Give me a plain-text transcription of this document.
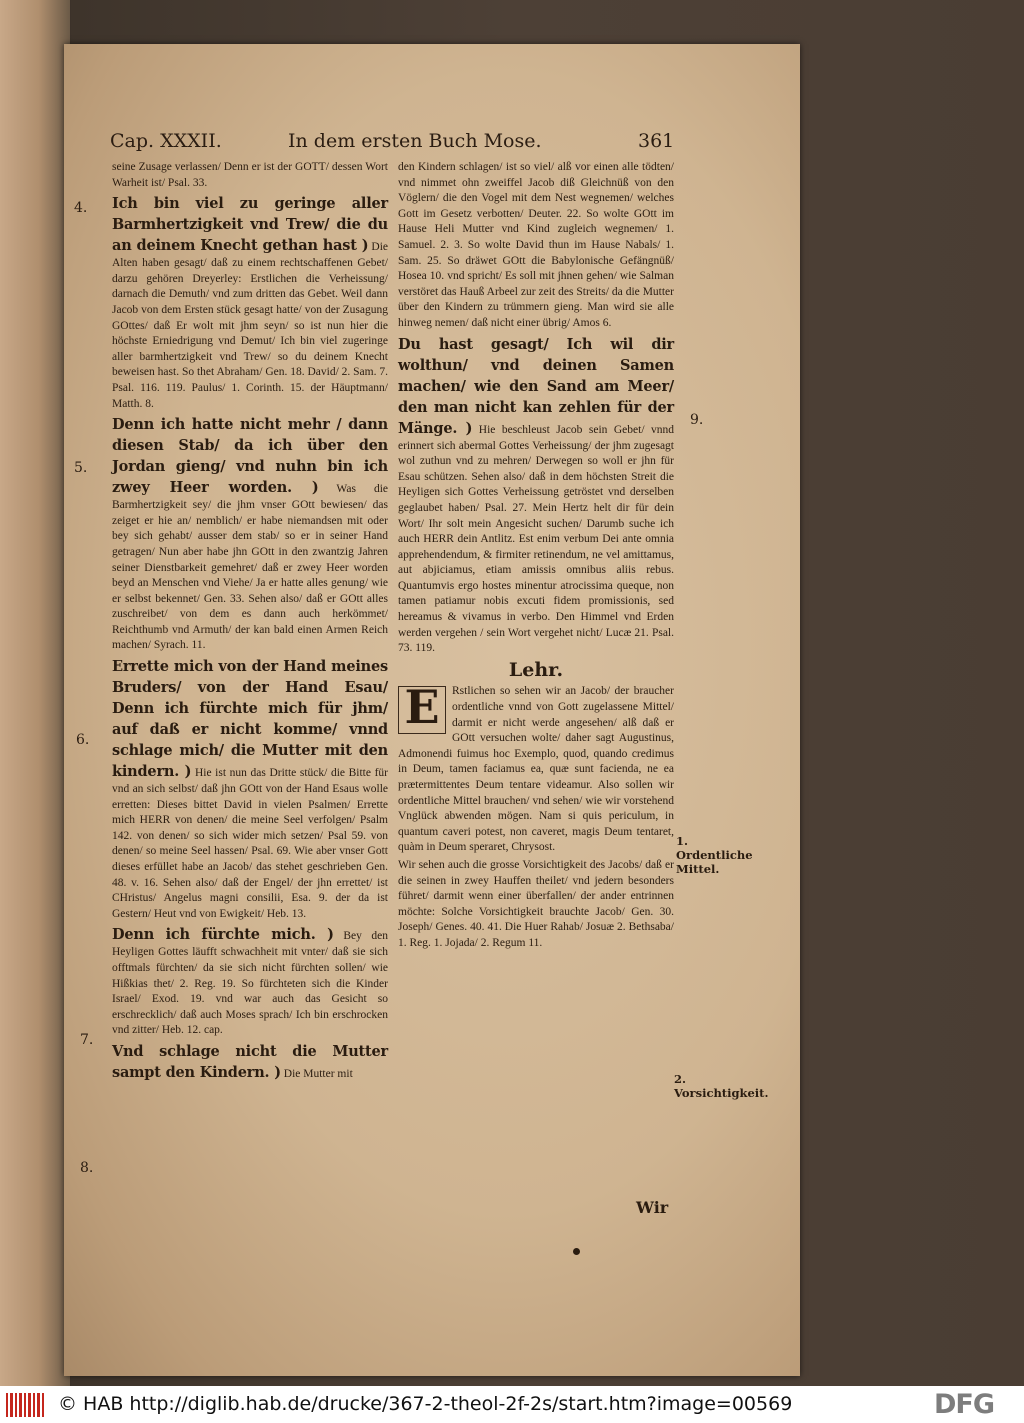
Cap. XXXII.	In dem ersten Buch Mose.	361

seine Zusage verlassen/ Denn er ist der GOTT/ dessen Wort Warheit ist/ Psal. 33.

Ich bin viel zu geringe aller Barmhertzigkeit vnd Trew/ die du an deinem Knecht gethan hast ) Die Alten haben gesagt/ daß zu einem rechtschaffenen Gebet/ darzu gehören Dreyerley: Erstlichen die Verheissung/ darnach die Demuth/ vnd zum dritten das Gebet. Weil dann Jacob von dem Ersten stück gesagt hatte/ von der Zusagung GOttes/ daß Er wolt mit jhm seyn/ so ist nun hier die höchste Erniedrigung vnd Demut/ Ich bin viel zugeringe aller barmhertzigkeit vnd Trew/ so du deinem Knecht beweisen hast. So thet Abraham/ Gen. 18. David/ 2. Sam. 7. Psal. 116. 119. Paulus/ 1. Corinth. 15. der Häuptmann/ Matth. 8.

Denn ich hatte nicht mehr / dann diesen Stab/ da ich über den Jordan gieng/ vnd nuhn bin ich zwey Heer worden. ) Was die Barmhertzigkeit sey/ die jhm vnser GOtt bewiesen/ das zeiget er hie an/ nemblich/ er habe niemandsen mit oder bey sich gehabt/ ausser dem stab/ so er in seiner Hand getragen/ Nun aber habe jhn GOtt in den zwantzig Jahren seiner Dienstbarkeit gemehret/ daß er zwey Heer worden beyd an Menschen vnd Viehe/ Ja er hatte alles genung/ wie er selbst bekennet/ Gen. 33. Sehen also/ daß er GOtt alles zuschreibet/ von dem es dann auch herkömmet/ Reichthumb vnd Armuth/ der kan bald einen Armen Reich machen/ Syrach. 11.

Errette mich von der Hand meines Bruders/ von der Hand Esau/ Denn ich fürchte mich für jhm/ auf daß er nicht komme/ vnnd schlage mich/ die Mutter mit den kindern. ) Hie ist nun das Dritte stück/ die Bitte für vnd an sich selbst/ daß jhn GOtt von der Hand Esaus wolle erretten: Dieses bittet David in vielen Psalmen/ Errette mich HERR von denen/ die meine Seel verfolgen/ Psalm 142. von denen/ so sich wider mich setzen/ Psal 59. von denen/ so meine Seel hassen/ Psal. 69. Wie aber vnser Gott dieses erfüllet habe an Jacob/ das stehet geschrieben Gen. 48. v. 16. Sehen also/ daß der Engel/ der jhn errettet/ ist CHristus/ Angelus magni consilii, Esa. 9. der da ist Gestern/ Heut vnd von Ewigkeit/ Heb. 13.

Denn ich fürchte mich. ) Bey den Heyligen Gottes läufft schwachheit mit vnter/ daß sie sich offtmals fürchten/ da sie sich nicht fürchten sollen/ wie Hißkias thet/ 2. Reg. 19. So fürchteten sich die Kinder Israel/ Exod. 19. vnd war auch das Gesicht so erschrecklich/ daß auch Moses sprach/ Ich bin erschrocken vnd zitter/ Heb. 12. cap.

Vnd schlage nicht die Mutter sampt den Kindern. ) Die Mutter mit

den Kindern schlagen/ ist so viel/ alß vor einen alle tödten/ vnd nimmet ohn zweiffel Jacob diß Gleichnüß von den Vöglern/ die den Vogel mit dem Nest wegnemen/ welches Gott im Gesetz verbotten/ Deuter. 22. So wolte GOtt im Hause Heli Mutter vnd Kind zugleich wegnemen/ 1. Samuel. 2. 3. So wolte David thun im Hause Nabals/ 1. Sam. 25. So dräwet GOtt die Babylonische Gefängnüß/ Hosea 10. vnd spricht/ Es soll mit jhnen gehen/ wie Salman verstöret das Hauß Arbeel zur zeit des Streits/ da die Mutter über den Kindern zu trümmern gieng. Man wird sie alle hinweg nemen/ daß nicht einer übrig/ Amos 6.

Du hast gesagt/ Ich wil dir wolthun/ vnd deinen Samen machen/ wie den Sand am Meer/ den man nicht kan zehlen für der Mänge. ) Hie beschleust Jacob sein Gebet/ vnnd erinnert sich abermal Gottes Verheissung/ der jhm zugesagt wol zuthun vnd zu mehren/ Derwegen so woll er jhn für Esau schützen. Sehen also/ daß in dem höchsten Streit die Heyligen sich Gottes Verheissung getröstet vnd derselben geglaubet haben/ Psal. 27. Mein Hertz helt dir für dein Wort/ Ihr solt mein Angesicht suchen/ Darumb suche ich auch HERR dein Antlitz. Est enim verbum Dei ante omnia apprehendendum, & firmiter retinendum, ne vel amittamus, aut abjiciamus, etiam amissis omnibus aliis rebus. Quantumvis ergo hostes minentur atrocissima queque, non tamen patiamur nobis excuti fidem promissionis, sed hereamus & vivamus in verbo. Den Himmel vnd Erden werden vergehen / sein Wort vergehet nicht/ Lucæ 21. Psal. 73. 119.

Lehr.

E	Rstlichen so sehen wir an Jacob/ der braucher ordentliche vnnd von Gott zugelassene Mittel/ darmit er nicht werde angesehen/ alß daß er GOtt versuchen wolte/ daher sagt Augustinus, Admonendi fuimus hoc Exemplo, quod, quando credimus in Deum, tamen faciamus ea, quæ sunt facienda, ne ea prætermittentes Deum tentare videamur. Also sollen wir ordentliche Mittel brauchen/ vnd sehen/ wie wir vorstehend Vnglück abwenden mögen. Nam si quis periculum, in quantum caveri potest, non caveret, magis Deum tentaret, quàm in Deum speraret, Chrysost.

Wir sehen auch die grosse Vorsichtigkeit des Jacobs/ daß er die seinen in zwey Hauffen theilet/ vnd jedern besonders führet/ darmit wenn einer überfallen/ der ander entrinnen möchte: Solche Vorsichtigkeit brauchte Jacob/ Gen. 30. Joseph/ Genes. 40. 41. Die Huer Rahab/ Josuæ 2. Bethsaba/ 1. Reg. 1. Jojada/ 2. Regum 11.

4.
5.
6.
7.
8.
9.
1. Ordentliche Mittel.
2. Vorsichtigkeit.
Wir
© HAB http://diglib.hab.de/drucke/367-2-theol-2f-2s/start.htm?image=00569	DFG
